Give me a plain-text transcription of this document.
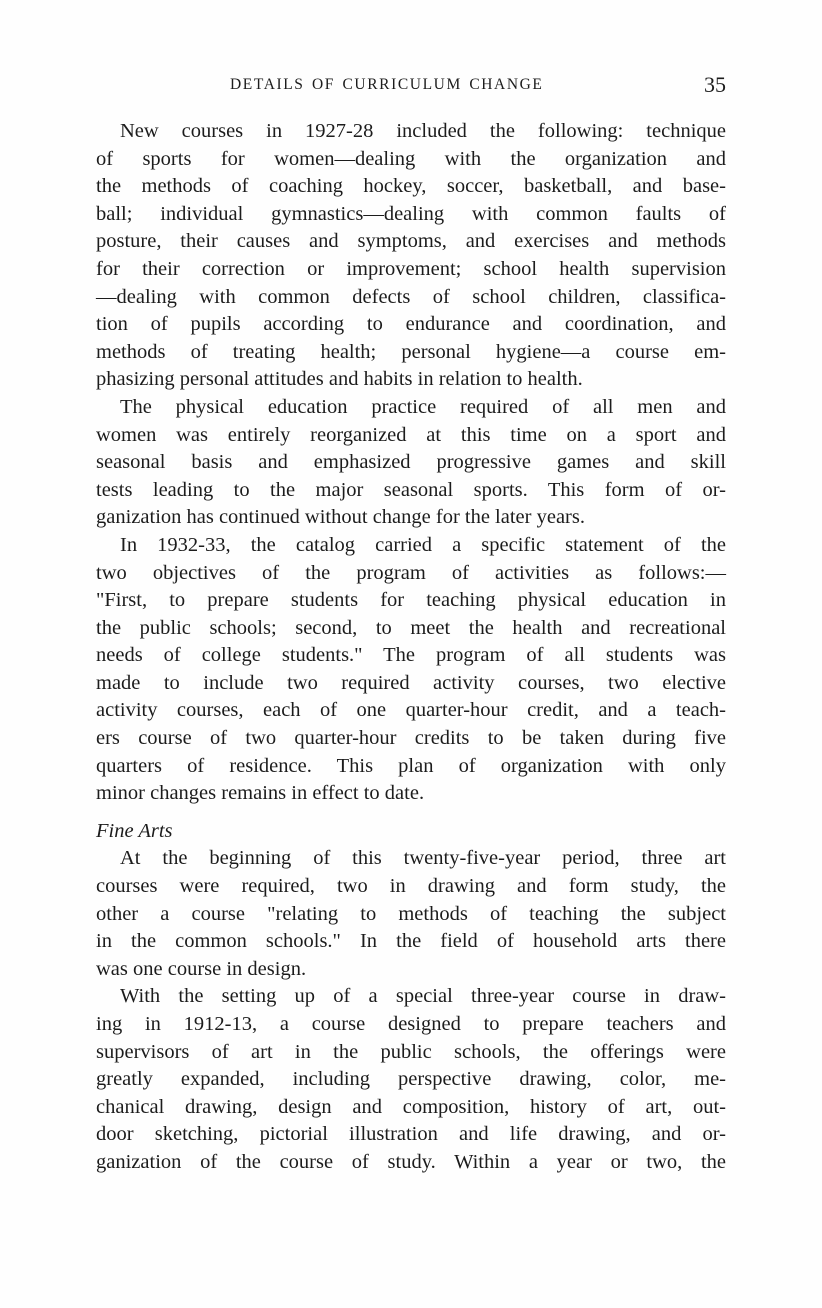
DETAILS OF CURRICULUM CHANGE	35
New courses in 1927-28 included the following: technique
of sports for women—dealing with the organization and
the methods of coaching hockey, soccer, basketball, and base-
ball; individual gymnastics—dealing with common faults of
posture, their causes and symptoms, and exercises and methods
for their correction or improvement; school health supervision
—dealing with common defects of school children, classifica-
tion of pupils according to endurance and coordination, and
methods of treating health; personal hygiene—a course em-
phasizing personal attitudes and habits in relation to health.
The physical education practice required of all men and
women was entirely reorganized at this time on a sport and
seasonal basis and emphasized progressive games and skill
tests leading to the major seasonal sports. This form of or-
ganization has continued without change for the later years.
In 1932-33, the catalog carried a specific statement of the
two objectives of the program of activities as follows:—
"First, to prepare students for teaching physical education in
the public schools; second, to meet the health and recreational
needs of college students." The program of all students was
made to include two required activity courses, two elective
activity courses, each of one quarter-hour credit, and a teach-
ers course of two quarter-hour credits to be taken during five
quarters of residence. This plan of organization with only
minor changes remains in effect to date.
Fine Arts
At the beginning of this twenty-five-year period, three art
courses were required, two in drawing and form study, the
other a course "relating to methods of teaching the subject
in the common schools." In the field of household arts there
was one course in design.
With the setting up of a special three-year course in draw-
ing in 1912-13, a course designed to prepare teachers and
supervisors of art in the public schools, the offerings were
greatly expanded, including perspective drawing, color, me-
chanical drawing, design and composition, history of art, out-
door sketching, pictorial illustration and life drawing, and or-
ganization of the course of study. Within a year or two, the
